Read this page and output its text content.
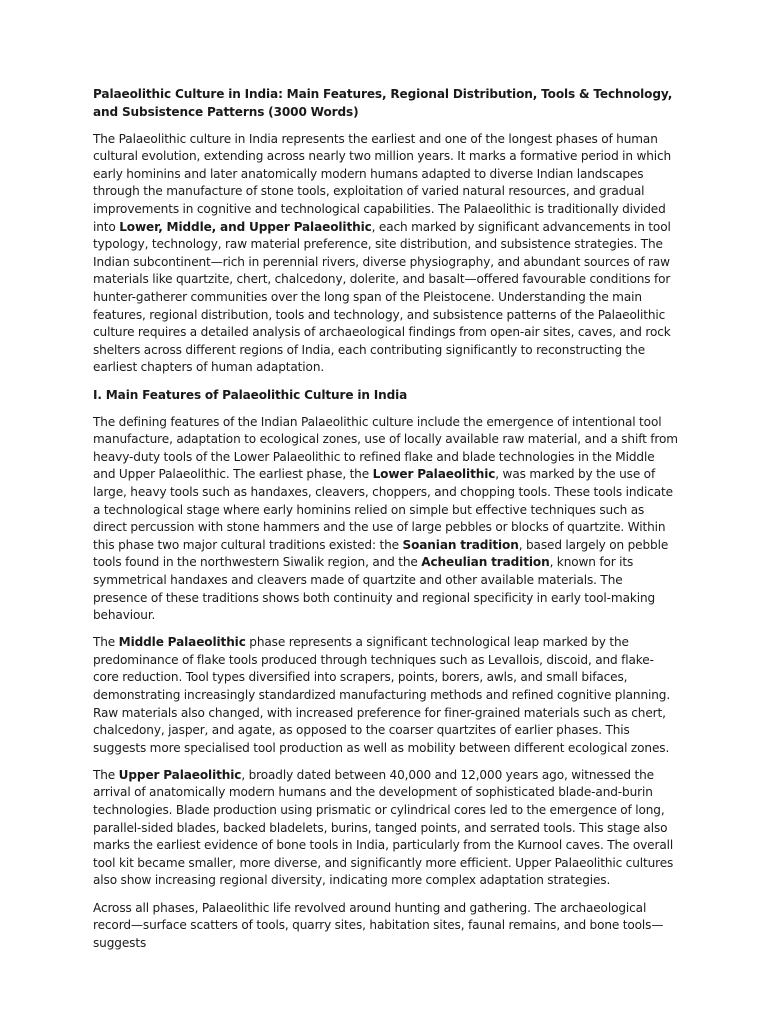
Palaeolithic Culture in India: Main Features, Regional Distribution, Tools & Technology, and Subsistence Patterns (3000 Words)

The Palaeolithic culture in India represents the earliest and one of the longest phases of human cultural evolution, extending across nearly two million years. It marks a formative period in which early hominins and later anatomically modern humans adapted to diverse Indian landscapes through the manufacture of stone tools, exploitation of varied natural resources, and gradual improvements in cognitive and technological capabilities. The Palaeolithic is traditionally divided into Lower, Middle, and Upper Palaeolithic, each marked by significant advancements in tool typology, technology, raw material preference, site distribution, and subsistence strategies. The Indian subcontinent—rich in perennial rivers, diverse physiography, and abundant sources of raw materials like quartzite, chert, chalcedony, dolerite, and basalt—offered favourable conditions for hunter-gatherer communities over the long span of the Pleistocene. Understanding the main features, regional distribution, tools and technology, and subsistence patterns of the Palaeolithic culture requires a detailed analysis of archaeological findings from open-air sites, caves, and rock shelters across different regions of India, each contributing significantly to reconstructing the earliest chapters of human adaptation.

I. Main Features of Palaeolithic Culture in India

The defining features of the Indian Palaeolithic culture include the emergence of intentional tool manufacture, adaptation to ecological zones, use of locally available raw material, and a shift from heavy-duty tools of the Lower Palaeolithic to refined flake and blade technologies in the Middle and Upper Palaeolithic. The earliest phase, the Lower Palaeolithic, was marked by the use of large, heavy tools such as handaxes, cleavers, choppers, and chopping tools. These tools indicate a technological stage where early hominins relied on simple but effective techniques such as direct percussion with stone hammers and the use of large pebbles or blocks of quartzite. Within this phase two major cultural traditions existed: the Soanian tradition, based largely on pebble tools found in the northwestern Siwalik region, and the Acheulian tradition, known for its symmetrical handaxes and cleavers made of quartzite and other available materials. The presence of these traditions shows both continuity and regional specificity in early tool-making behaviour.

The Middle Palaeolithic phase represents a significant technological leap marked by the predominance of flake tools produced through techniques such as Levallois, discoid, and flake-core reduction. Tool types diversified into scrapers, points, borers, awls, and small bifaces, demonstrating increasingly standardized manufacturing methods and refined cognitive planning. Raw materials also changed, with increased preference for finer-grained materials such as chert, chalcedony, jasper, and agate, as opposed to the coarser quartzites of earlier phases. This suggests more specialised tool production as well as mobility between different ecological zones.

The Upper Palaeolithic, broadly dated between 40,000 and 12,000 years ago, witnessed the arrival of anatomically modern humans and the development of sophisticated blade-and-burin technologies. Blade production using prismatic or cylindrical cores led to the emergence of long, parallel-sided blades, backed bladelets, burins, tanged points, and serrated tools. This stage also marks the earliest evidence of bone tools in India, particularly from the Kurnool caves. The overall tool kit became smaller, more diverse, and significantly more efficient. Upper Palaeolithic cultures also show increasing regional diversity, indicating more complex adaptation strategies.

Across all phases, Palaeolithic life revolved around hunting and gathering. The archaeological record—surface scatters of tools, quarry sites, habitation sites, faunal remains, and bone tools—suggests
